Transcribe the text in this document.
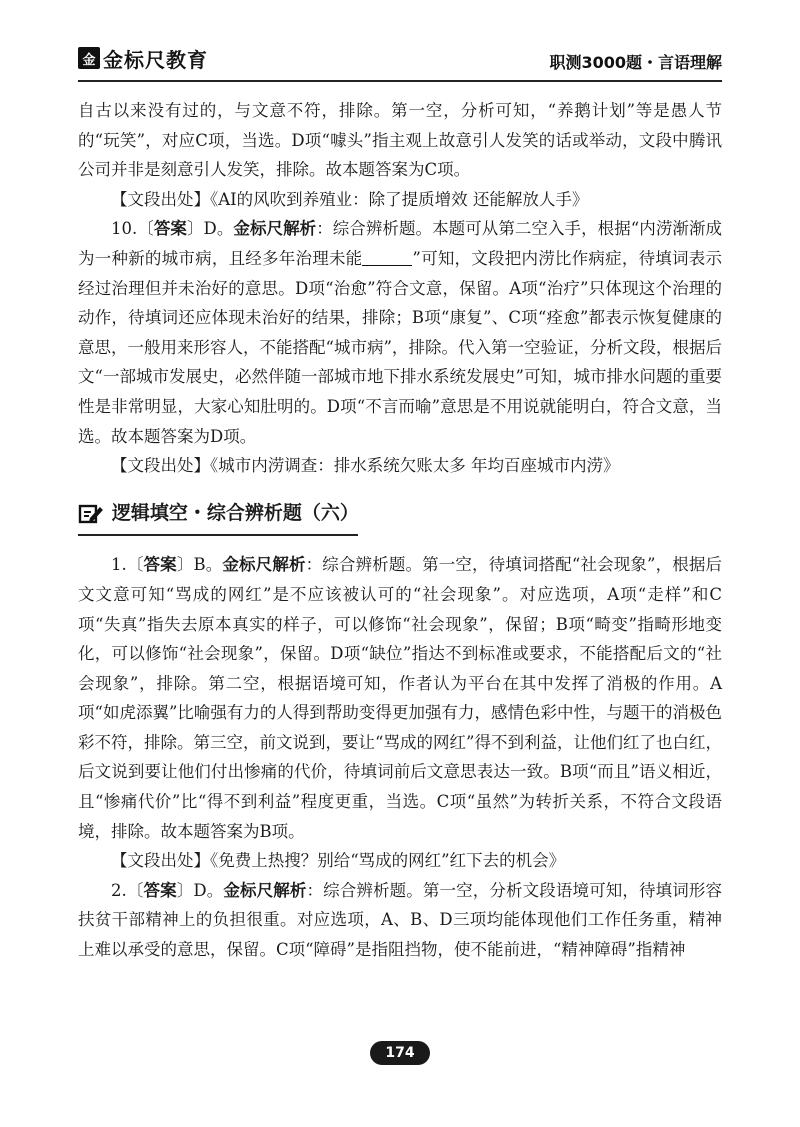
金 金标尺教育	职测3000题・言语理解

自古以来没有过的，与文意不符，排除。第一空，分析可知，“养鹅计划”等是愚人节的“玩笑”，对应C项，当选。D项“噱头”指主观上故意引人发笑的话或举动，文段中腾讯公司并非是刻意引人发笑，排除。故本题答案为C项。

【文段出处】《AI的风吹到养殖业：除了提质增效 还能解放人手》

10.〔答案〕D。金标尺解析：综合辨析题。本题可从第二空入手，根据“内涝渐渐成为一种新的城市病，且经多年治理未能	”可知，文段把内涝比作病症，待填词表示经过治理但并未治好的意思。D项“治愈”符合文意，保留。A项“治疗”只体现这个治理的动作，待填词还应体现未治好的结果，排除；B项“康复”、C项“痊愈”都表示恢复健康的意思，一般用来形容人，不能搭配“城市病”，排除。代入第一空验证，分析文段，根据后文“一部城市发展史，必然伴随一部城市地下排水系统发展史”可知，城市排水问题的重要性是非常明显，大家心知肚明的。D项“不言而喻”意思是不用说就能明白，符合文意，当选。故本题答案为D项。

【文段出处】《城市内涝调查：排水系统欠账太多 年均百座城市内涝》

逻辑填空・综合辨析题（六）

1.〔答案〕B。金标尺解析：综合辨析题。第一空，待填词搭配“社会现象”，根据后文文意可知“骂成的网红”是不应该被认可的“社会现象”。对应选项，A项“走样”和C项“失真”指失去原本真实的样子，可以修饰“社会现象”，保留；B项“畸变”指畸形地变化，可以修饰“社会现象”，保留。D项“缺位”指达不到标准或要求，不能搭配后文的“社会现象”，排除。第二空，根据语境可知，作者认为平台在其中发挥了消极的作用。A项“如虎添翼”比喻强有力的人得到帮助变得更加强有力，感情色彩中性，与题干的消极色彩不符，排除。第三空，前文说到，要让“骂成的网红”得不到利益，让他们红了也白红，后文说到要让他们付出惨痛的代价，待填词前后文意思表达一致。B项“而且”语义相近，且“惨痛代价”比“得不到利益”程度更重，当选。C项“虽然”为转折关系，不符合文段语境，排除。故本题答案为B项。

【文段出处】《免费上热搜？别给“骂成的网红”红下去的机会》

2.〔答案〕D。金标尺解析：综合辨析题。第一空，分析文段语境可知，待填词形容扶贫干部精神上的负担很重。对应选项，A、B、D三项均能体现他们工作任务重，精神上难以承受的意思，保留。C项“障碍”是指阻挡物，使不能前进，“精神障碍”指精神

174
